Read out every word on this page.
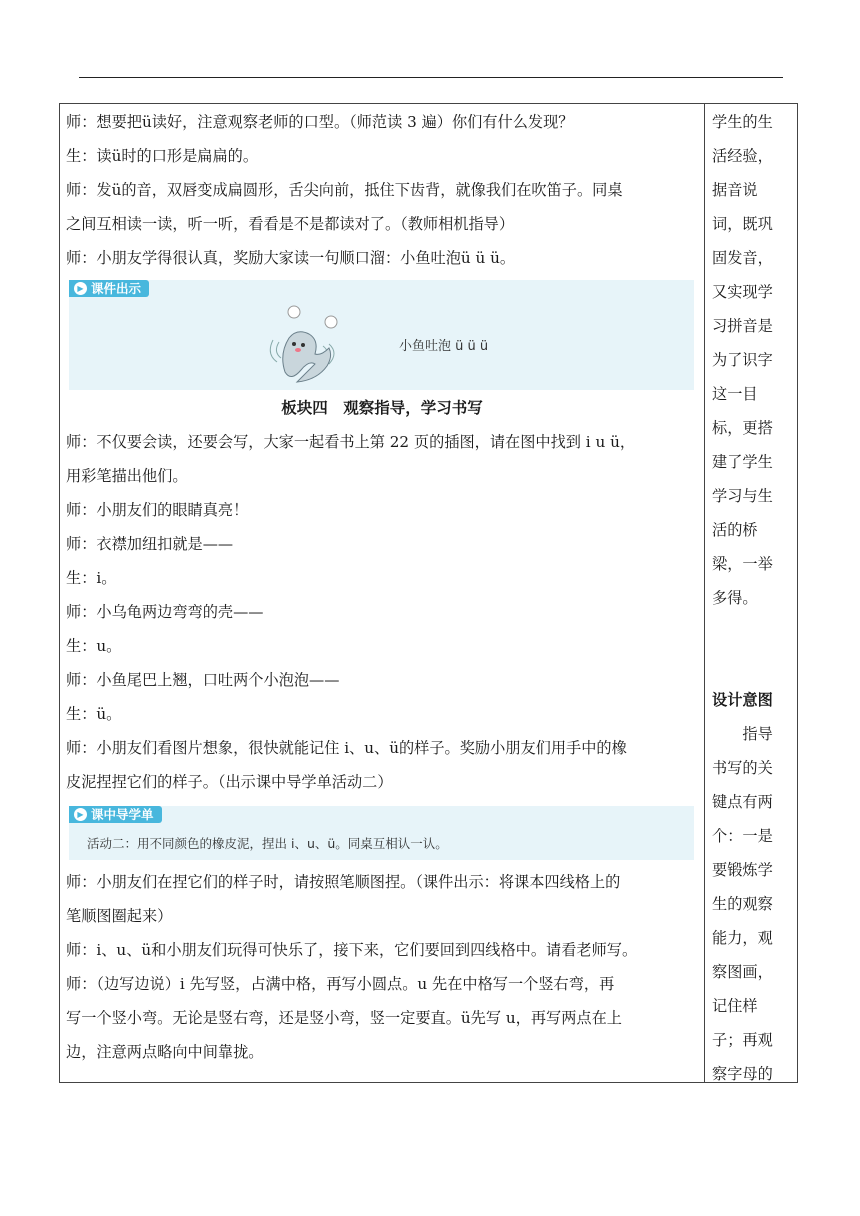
师：想要把ü读好，注意观察老师的口型。（师范读 3 遍）你们有什么发现？
生：读ü时的口形是扁扁的。
师：发ü的音，双唇变成扁圆形，舌尖向前，抵住下齿背，就像我们在吹笛子。同桌
之间互相读一读，听一听，看看是不是都读对了。（教师相机指导）
师：小朋友学得很认真，奖励大家读一句顺口溜：小鱼吐泡ü ü ü。
▶ 课件出示
小鱼吐泡 ü ü ü
板块四　观察指导，学习书写
师：不仅要会读，还要会写，大家一起看书上第 22 页的插图，请在图中找到 i u ü，
用彩笔描出他们。
师：小朋友们的眼睛真亮！
师：衣襟加纽扣就是——
生：i。
师：小乌龟两边弯弯的壳——
生：u。
师：小鱼尾巴上翘，口吐两个小泡泡——
生：ü。
师：小朋友们看图片想象，很快就能记住 i、u、ü的样子。奖励小朋友们用手中的橡
皮泥捏捏它们的样子。（出示课中导学单活动二）
▶ 课中导学单
活动二：用不同颜色的橡皮泥，捏出 i、u、ü。同桌互相认一认。
师：小朋友们在捏它们的样子时，请按照笔顺图捏。（课件出示：将课本四线格上的
笔顺图圈起来）
师：i、u、ü和小朋友们玩得可快乐了，接下来，它们要回到四线格中。请看老师写。
师：（边写边说）i 先写竖，占满中格，再写小圆点。u 先在中格写一个竖右弯，再
写一个竖小弯。无论是竖右弯，还是竖小弯，竖一定要直。ü先写 u，再写两点在上
边，注意两点略向中间靠拢。
学生的生
活经验，
据音说
词，既巩
固发音，
又实现学
习拼音是
为了识字
这一目
标，更搭
建了学生
学习与生
活的桥
梁，一举
多得。
设计意图
　　指导
书写的关
键点有两
个：一是
要锻炼学
生的观察
能力，观
察图画，
记住样
子；再观
察字母的
